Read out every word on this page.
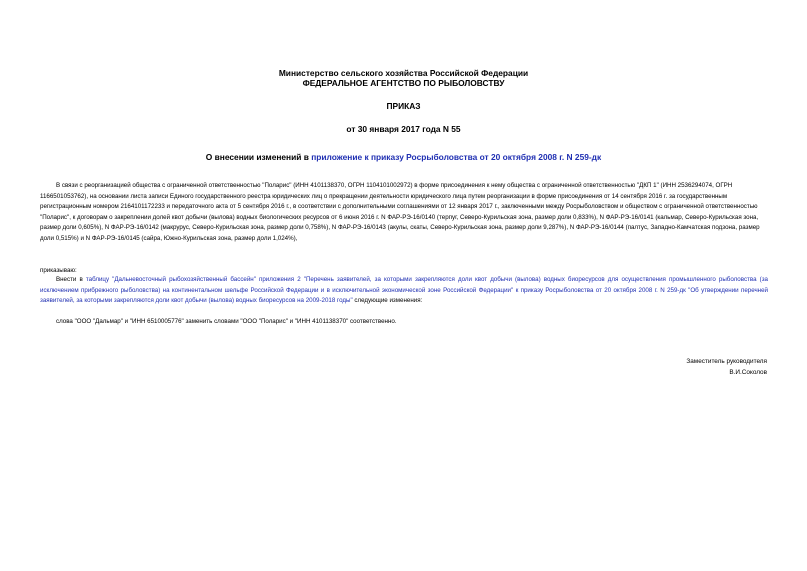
Министерство сельского хозяйства Российской Федерации
ФЕДЕРАЛЬНОЕ АГЕНТСТВО ПО РЫБОЛОВСТВУ
ПРИКАЗ
от 30 января 2017 года N 55
О внесении изменений в приложение к приказу Росрыболовства от 20 октября 2008 г. N 259-дк
В связи с реорганизацией общества с ограниченной ответственностью "Поларис" (ИНН 4101138370, ОГРН 1104101002972) в форме присоединения к нему общества с ограниченной ответственностью "ДКП 1" (ИНН 2536294074, ОГРН 1166501053762), на основании листа записи Единого государственного реестра юридических лиц о прекращении деятельности юридического лица путем реорганизации в форме присоединения от 14 сентября 2016 г. за государственным регистрационным номером 2164101172233 и передаточного акта от 5 сентября 2016 г., в соответствии с дополнительными соглашениями от 12 января 2017 г., заключенными между Росрыболовством и обществом с ограниченной ответственностью "Поларис", к договорам о закреплении долей квот добычи (вылова) водных биологических ресурсов от 6 июня 2016 г. N ФАР-РЭ-16/0140 (терпуг, Северо-Курильская зона, размер доли 0,833%), N ФАР-РЭ-16/0141 (кальмар, Северо-Курильская зона, размер доли 0,605%), N ФАР-РЭ-16/0142 (макрурус, Северо-Курильская зона, размер доли 0,758%), N ФАР-РЭ-16/0143 (акулы, скаты, Северо-Курильская зона, размер доли 9,287%), N ФАР-РЭ-16/0144 (палтус, Западно-Камчатская подзона, размер доли 0,515%) и N ФАР-РЭ-16/0145 (сайра, Южно-Курильская зона, размер доли 1,024%),
приказываю:
Внести в таблицу "Дальневосточный рыбохозяйственный бассейн" приложения 2 "Перечень заявителей, за которыми закрепляются доли квот добычи (вылова) водных биоресурсов для осуществления промышленного рыболовства (за исключением прибрежного рыболовства) на континентальном шельфе Российской Федерации и в исключительной экономической зоне Российской Федерации" к приказу Росрыболовства от 20 октября 2008 г. N 259-дк "Об утверждении перечней заявителей, за которыми закрепляются доли квот добычи (вылова) водных биоресурсов на 2009-2018 годы" следующие изменения:
слова "ООО "Дальмар" и "ИНН 6510005776" заменить словами "ООО "Поларис" и "ИНН 4101138370" соответственно.
Заместитель руководителя
В.И.Соколов
